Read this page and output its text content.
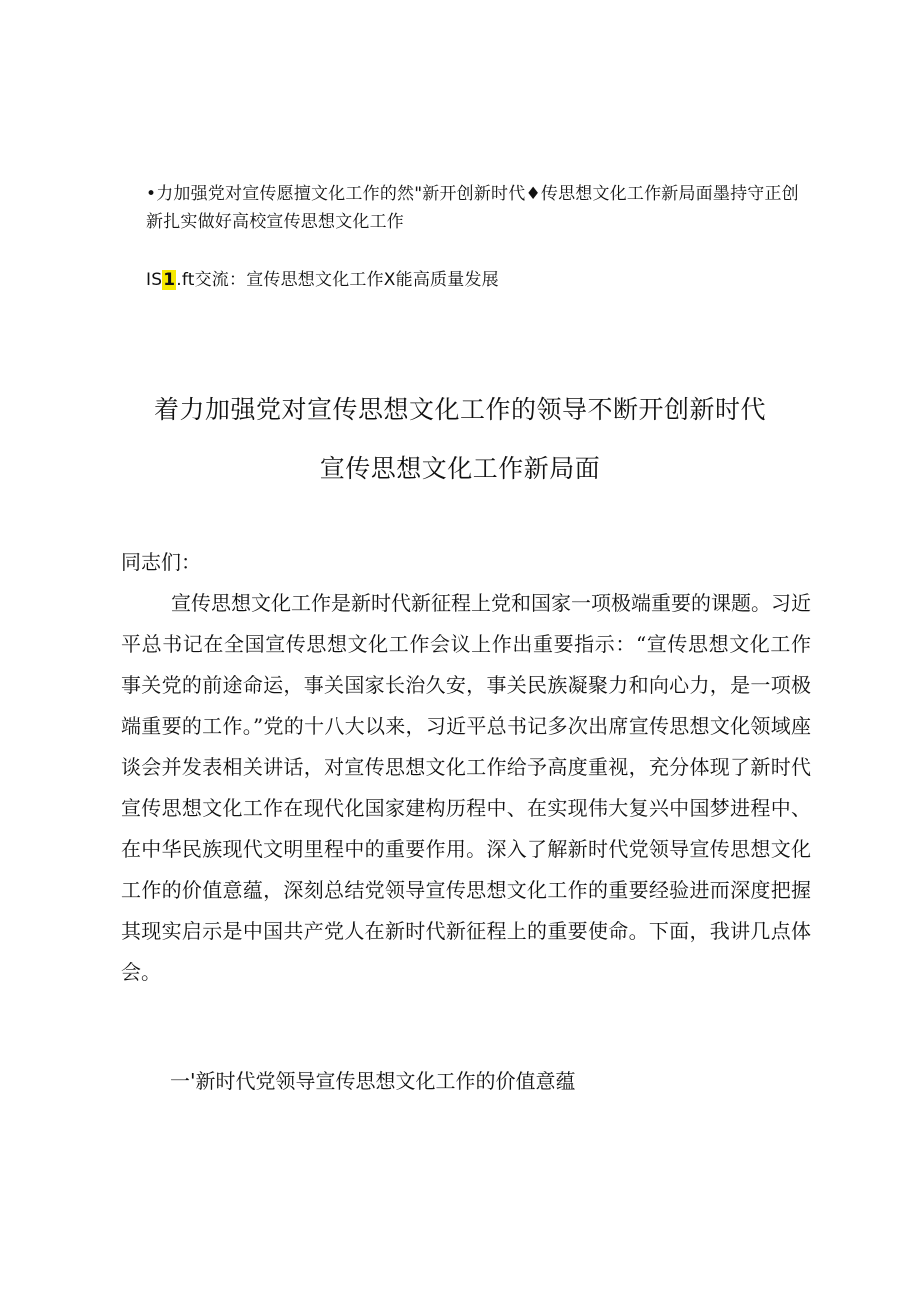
•力加强党对宣传愿擅文化工作的然"新开创新时代♦传思想文化工作新局面墨持守正创新扎实做好高校宣传思想文化工作
IS1.ft交流：宣传思想文化工作X能高质量发展
着力加强党对宣传思想文化工作的领导不断开创新时代
宣传思想文化工作新局面
同志们：

宣传思想文化工作是新时代新征程上党和国家一项极端重要的课题。习近平总书记在全国宣传思想文化工作会议上作出重要指示：“宣传思想文化工作事关党的前途命运，事关国家长治久安，事关民族凝聚力和向心力，是一项极端重要的工作。”党的十八大以来，习近平总书记多次出席宣传思想文化领域座谈会并发表相关讲话，对宣传思想文化工作给予高度重视，充分体现了新时代宣传思想文化工作在现代化国家建构历程中、在实现伟大复兴中国梦进程中、在中华民族现代文明里程中的重要作用。深入了解新时代党领导宣传思想文化工作的价值意蕴，深刻总结党领导宣传思想文化工作的重要经验进而深度把握其现实启示是中国共产党人在新时代新征程上的重要使命。下面，我讲几点体会。

一'新时代党领导宣传思想文化工作的价值意蕴
